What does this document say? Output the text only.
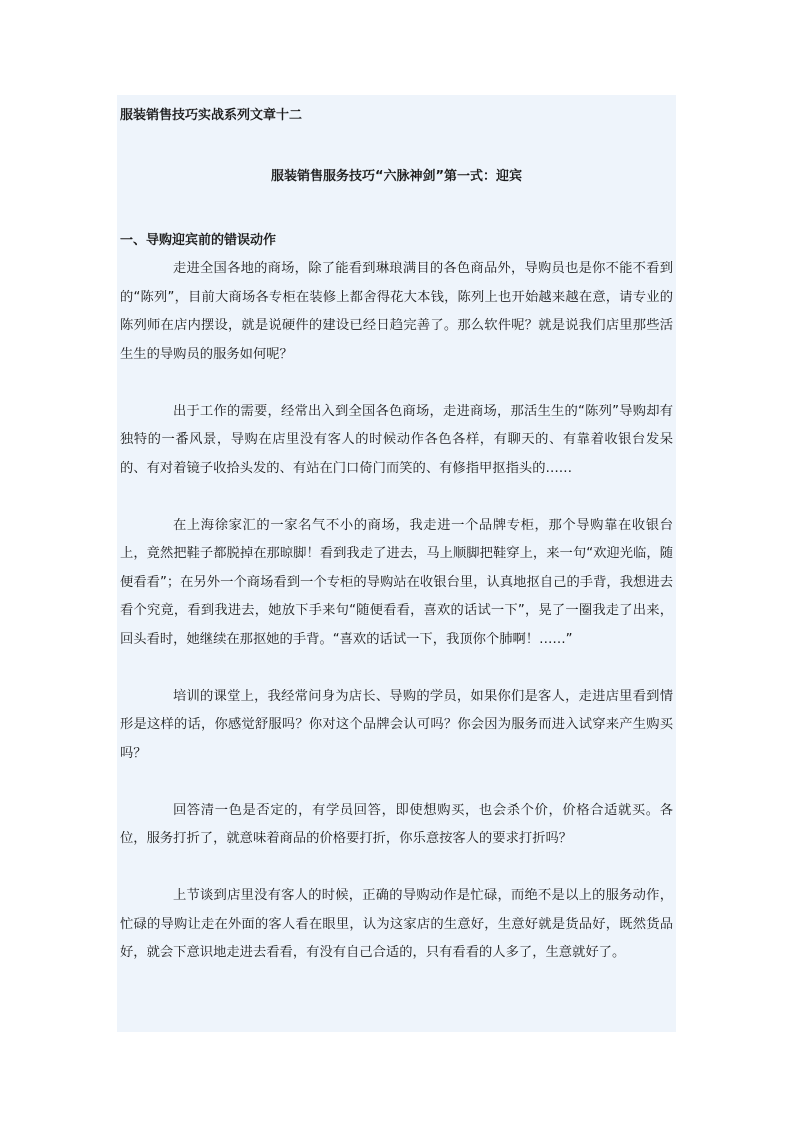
服装销售技巧实战系列文章十二
服装销售服务技巧“六脉神剑”第一式：迎宾
一、导购迎宾前的错误动作

走进全国各地的商场，除了能看到琳琅满目的各色商品外，导购员也是你不能不看到的“陈列”，目前大商场各专柜在装修上都舍得花大本钱，陈列上也开始越来越在意，请专业的陈列师在店内摆设，就是说硬件的建设已经日趋完善了。那么软件呢？就是说我们店里那些活生生的导购员的服务如何呢？

出于工作的需要，经常出入到全国各色商场，走进商场，那活生生的“陈列”导购却有独特的一番风景，导购在店里没有客人的时候动作各色各样，有聊天的、有靠着收银台发呆的、有对着镜子收拾头发的、有站在门口倚门而笑的、有修指甲抠指头的……

在上海徐家汇的一家名气不小的商场，我走进一个品牌专柜，那个导购靠在收银台上，竟然把鞋子都脱掉在那晾脚！看到我走了进去，马上顺脚把鞋穿上，来一句“欢迎光临，随便看看”；在另外一个商场看到一个专柜的导购站在收银台里，认真地抠自己的手背，我想进去看个究竟，看到我进去，她放下手来句“随便看看，喜欢的话试一下”，晃了一圈我走了出来，回头看时，她继续在那抠她的手背。“喜欢的话试一下，我顶你个肺啊！……”

培训的课堂上，我经常问身为店长、导购的学员，如果你们是客人，走进店里看到情形是这样的话，你感觉舒服吗？你对这个品牌会认可吗？你会因为服务而进入试穿来产生购买吗？

回答清一色是否定的，有学员回答，即使想购买，也会杀个价，价格合适就买。各位，服务打折了，就意味着商品的价格要打折，你乐意按客人的要求打折吗？

上节谈到店里没有客人的时候，正确的导购动作是忙碌，而绝不是以上的服务动作，忙碌的导购让走在外面的客人看在眼里，认为这家店的生意好，生意好就是货品好，既然货品好，就会下意识地走进去看看，有没有自己合适的，只有看看的人多了，生意就好了。
